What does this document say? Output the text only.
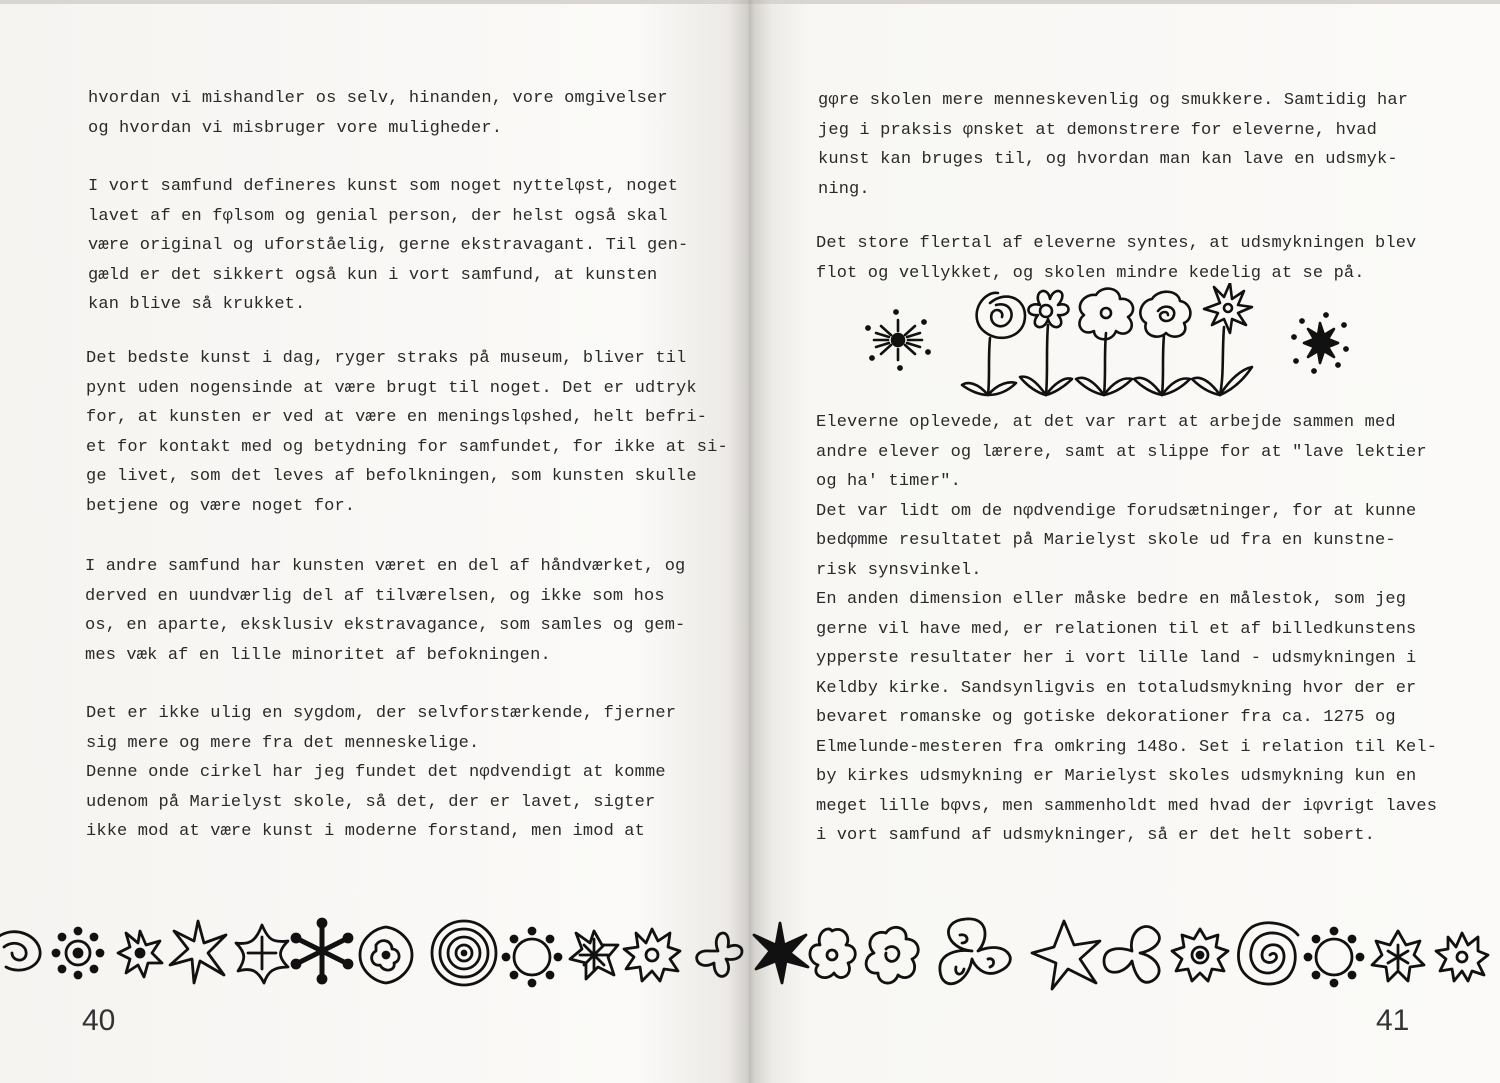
hvordan vi mishandler os selv, hinanden, vore omgivelser
og hvordan vi misbruger vore muligheder.

I vort samfund defineres kunst som noget nyttelφst, noget
lavet af en fφlsom og genial person, der helst også skal
være original og uforståelig, gerne ekstravagant. Til gen-
gæld er det sikkert også kun i vort samfund, at kunsten
kan blive så krukket.

Det bedste kunst i dag, ryger straks på museum, bliver til
pynt uden nogensinde at være brugt til noget. Det er udtryk
for, at kunsten er ved at være en meningslφshed, helt befri-
et for kontakt med og betydning for samfundet, for ikke at si-
ge livet, som det leves af befolkningen, som kunsten skulle
betjene og være noget for.

I andre samfund har kunsten været en del af håndværket, og
derved en uundværlig del af tilværelsen, og ikke som hos
os, en aparte, eksklusiv ekstravagance, som samles og gem-
mes væk af en lille minoritet af befokningen.

Det er ikke ulig en sygdom, der selvforstærkende, fjerner
sig mere og mere fra det menneskelige.
Denne onde cirkel har jeg fundet det nφdvendigt at komme
udenom på Marielyst skole, så det, der er lavet, sigter
ikke mod at være kunst i moderne forstand, men imod at

40

gφre skolen mere menneskevenlig og smukkere. Samtidig har
jeg i praksis φnsket at demonstrere for eleverne, hvad
kunst kan bruges til, og hvordan man kan lave en udsmyk-
ning.

Det store flertal af eleverne syntes, at udsmykningen blev
flot og vellykket, og skolen mindre kedelig at se på.

Eleverne oplevede, at det var rart at arbejde sammen med
andre elever og lærere, samt at slippe for at "lave lektier
og ha' timer".
Det var lidt om de nφdvendige forudsætninger, for at kunne
bedφmme resultatet på Marielyst skole ud fra en kunstne-
risk synsvinkel.
En anden dimension eller måske bedre en målestok, som jeg
gerne vil have med, er relationen til et af billedkunstens
ypperste resultater her i vort lille land - udsmykningen i
Keldby kirke. Sandsynligvis en totaludsmykning hvor der er
bevaret romanske og gotiske dekorationer fra ca. 1275 og
Elmelunde-mesteren fra omkring 148o. Set i relation til Kel-
by kirkes udsmykning er Marielyst skoles udsmykning kun en
meget lille bφvs, men sammenholdt med hvad der iφvrigt laves
i vort samfund af udsmykninger, så er det helt sobert.

41
